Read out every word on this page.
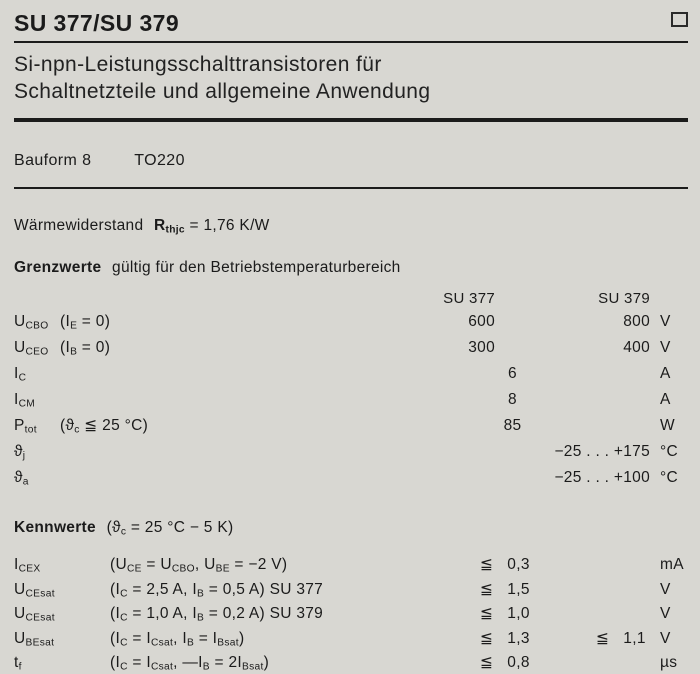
SU 377/SU 379
Si-npn-Leistungsschalttransistoren für
Schaltnetzteile und allgemeine Anwendung
Bauform 8	TO220
Wärmewiderstand $R_{thjc} = 1,76$ K/W
Grenzwerte gültig für den Betriebstemperaturbereich
SU 377	SU 379
$U_{CBO}$ $(I_E = 0)$	600	800 V
$U_{CEO}$ $(I_B = 0)$	300	400 V
$I_C$	6	A
$I_{CM}$	8	A
$P_{tot}$	($ϑ_c$ ≦ 25 °C)	85	W
$ϑ_j$	−25 . . . +175 °C
$ϑ_a$	−25 . . . +100 °C
Kennwerte ($ϑ_c = 25$ °C − 5 K)
$I_{CEX}$	($U_{CE} = U_{CBO}$, $U_{BE} = -2$ V)	≦ 0,3	mA
$U_{CEsat}$	($I_C = 2,5$ A, $I_B = 0,5$ A) SU 377	≦ 1,5	V
$U_{CEsat}$	($I_C = 1,0$ A, $I_B = 0,2$ A) SU 379	≦ 1,0	V
$U_{BEsat}$	($I_C = I_{Csat}$, $I_B = I_{Bsat}$)	≦ 1,3	≦ 1,1 V
$t_f$	($I_C = I_{Csat}$, $—I_B = 2I_{Bsat}$)	≦ 0,8	µs
